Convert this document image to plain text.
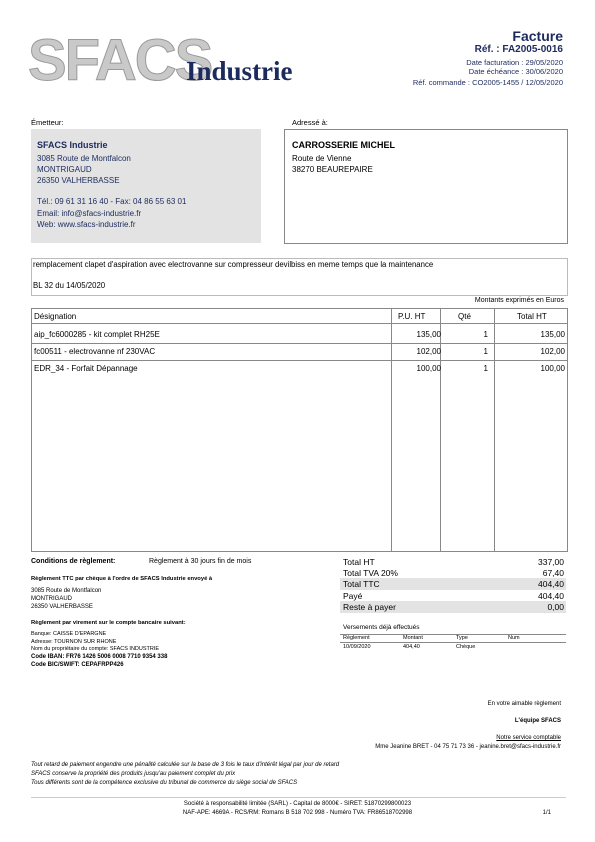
SFACS
Industrie
Facture
Réf. : FA2005-0016
Date facturation : 29/05/2020
Date échéance : 30/06/2020
Réf. commande : CO2005-1455 / 12/05/2020
Émetteur:
SFACS Industrie
3085 Route de Montfalcon
MONTRIGAUD
26350 VALHERBASSE
Tél.: 09 61 31 16 40 - Fax: 04 86 55 63 01
Email: info@sfacs-industrie.fr
Web: www.sfacs-industrie.fr
Adressé à:
CARROSSERIE MICHEL
Route de Vienne
38270 BEAUREPAIRE
remplacement clapet d'aspiration avec electrovanne sur compresseur devilbiss en meme temps que la maintenance
BL 32 du 14/05/2020
Montants exprimés en Euros
Désignation	P.U. HT	Qté	Total HT
aip_fc6000285 - kit complet RH25E	135,00	1	135,00
fc00511 - electrovanne nf 230VAC	102,00	1	102,00
EDR_34 - Forfait Dépannage	100,00	1	100,00
Conditions de règlement:	Règlement à 30 jours fin de mois
Règlement TTC par chèque à l'ordre de SFACS Industrie envoyé à
3085 Route de Montfalcon
MONTRIGAUD
26350 VALHERBASSE
Règlement par virement sur le compte bancaire suivant:
Banque: CAISSE D'EPARGNE
Adresse: TOURNON SUR RHONE
Nom du propriétaire du compte: SFACS INDUSTRIE
Code IBAN: FR76 1426 5006 0008 7710 9354 338
Code BIC/SWIFT: CEPAFRPP426
Total HT	337,00
Total TVA 20%	67,40
Total TTC	404,40
Payé	404,40
Reste à payer	0,00
Versements déjà effectués
Règlement	Montant	Type	Num
10/09/2020	404,40	Chèque
En votre aimable règlement
L'équipe SFACS
Notre service comptable
Mme Jeanine BRET - 04 75 71 73 36 - jeanine.bret@sfacs-industrie.fr
Tout retard de paiement engendre une pénalité calculée sur la base de 3 fois le taux d'intérêt légal par jour de retard
SFACS conserve la propriété des produits jusqu'au paiement complet du prix
Tous différents sont de la compétence exclusive du tribunal de commerce du siège social de SFACS
Société à responsabilité limitée (SARL) - Capital de 8000€ - SIRET: 51870299800023
NAF-APE: 4669A - RCS/RM: Romans B 518 702 998 - Numéro TVA: FR86518702998	1/1
